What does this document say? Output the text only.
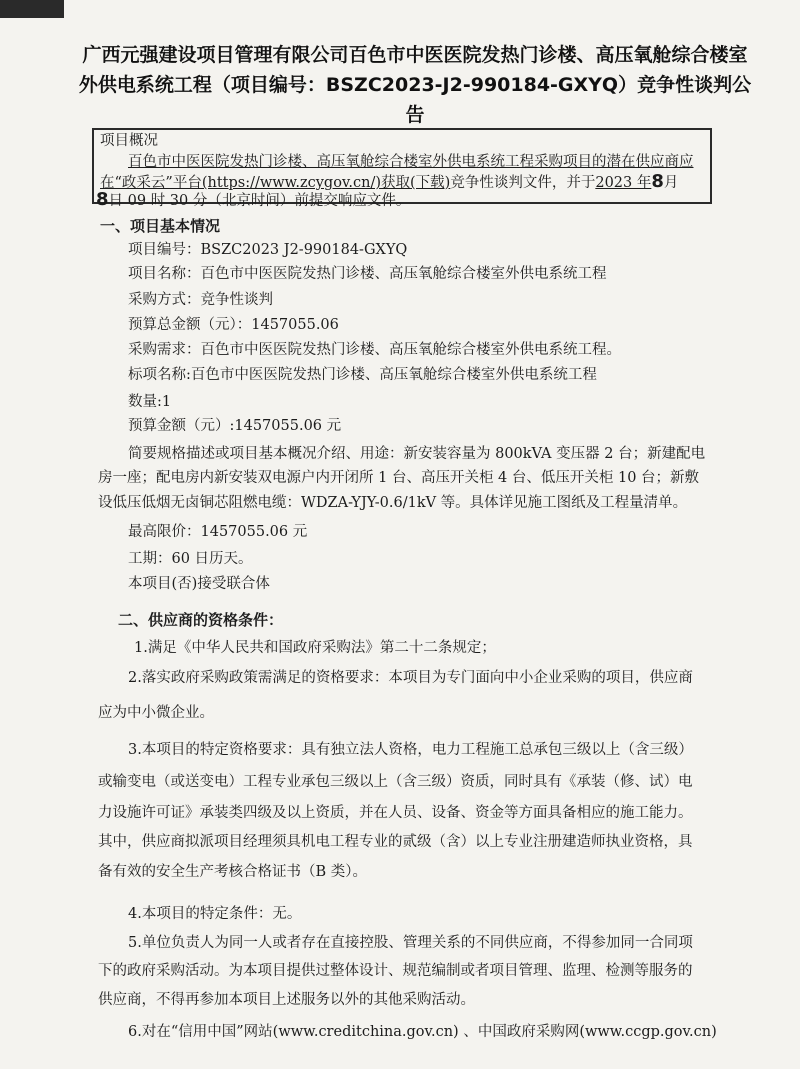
广西元强建设项目管理有限公司百色市中医医院发热门诊楼、高压氧舱综合楼室
外供电系统工程（项目编号：BSZC2023-J2-990184-GXYQ）竞争性谈判公告
项目概况
百色市中医医院发热门诊楼、高压氧舱综合楼室外供电系统工程采购项目的潜在供应商应
在“政采云”平台(https://www.zcygov.cn/)获取(下载)竞争性谈判文件，并于2023 年8月
8日 09 时 30 分（北京时间）前提交响应文件。
一、项目基本情况
项目编号：BSZC2023 J2-990184-GXYQ
项目名称：百色市中医医院发热门诊楼、高压氧舱综合楼室外供电系统工程
采购方式：竞争性谈判
预算总金额（元）：1457055.06
采购需求：百色市中医医院发热门诊楼、高压氧舱综合楼室外供电系统工程。
标项名称:百色市中医医院发热门诊楼、高压氧舱综合楼室外供电系统工程
数量:1
预算金额（元）:1457055.06 元
简要规格描述或项目基本概况介绍、用途：新安装容量为 800kVA 变压器 2 台；新建配电
房一座；配电房内新安装双电源户内开闭所 1 台、高压开关柜 4 台、低压开关柜 10 台；新敷
设低压低烟无卤铜芯阻燃电缆：WDZA-YJY-0.6/1kV 等。具体详见施工图纸及工程量清单。
最高限价：1457055.06 元
工期：60 日历天。
本项目(否)接受联合体
二、供应商的资格条件：
1.满足《中华人民共和国政府采购法》第二十二条规定；
2.落实政府采购政策需满足的资格要求：本项目为专门面向中小企业采购的项目，供应商
应为中小微企业。
3.本项目的特定资格要求：具有独立法人资格，电力工程施工总承包三级以上（含三级）
或输变电（或送变电）工程专业承包三级以上（含三级）资质，同时具有《承装（修、试）电
力设施许可证》承装类四级及以上资质，并在人员、设备、资金等方面具备相应的施工能力。
其中，供应商拟派项目经理须具机电工程专业的贰级（含）以上专业注册建造师执业资格，具
备有效的安全生产考核合格证书（B 类）。
4.本项目的特定条件：无。
5.单位负责人为同一人或者存在直接控股、管理关系的不同供应商，不得参加同一合同项
下的政府采购活动。为本项目提供过整体设计、规范编制或者项目管理、监理、检测等服务的
供应商，不得再参加本项目上述服务以外的其他采购活动。
6.对在“信用中国”网站(www.creditchina.gov.cn) 、中国政府采购网(www.ccgp.gov.cn)
